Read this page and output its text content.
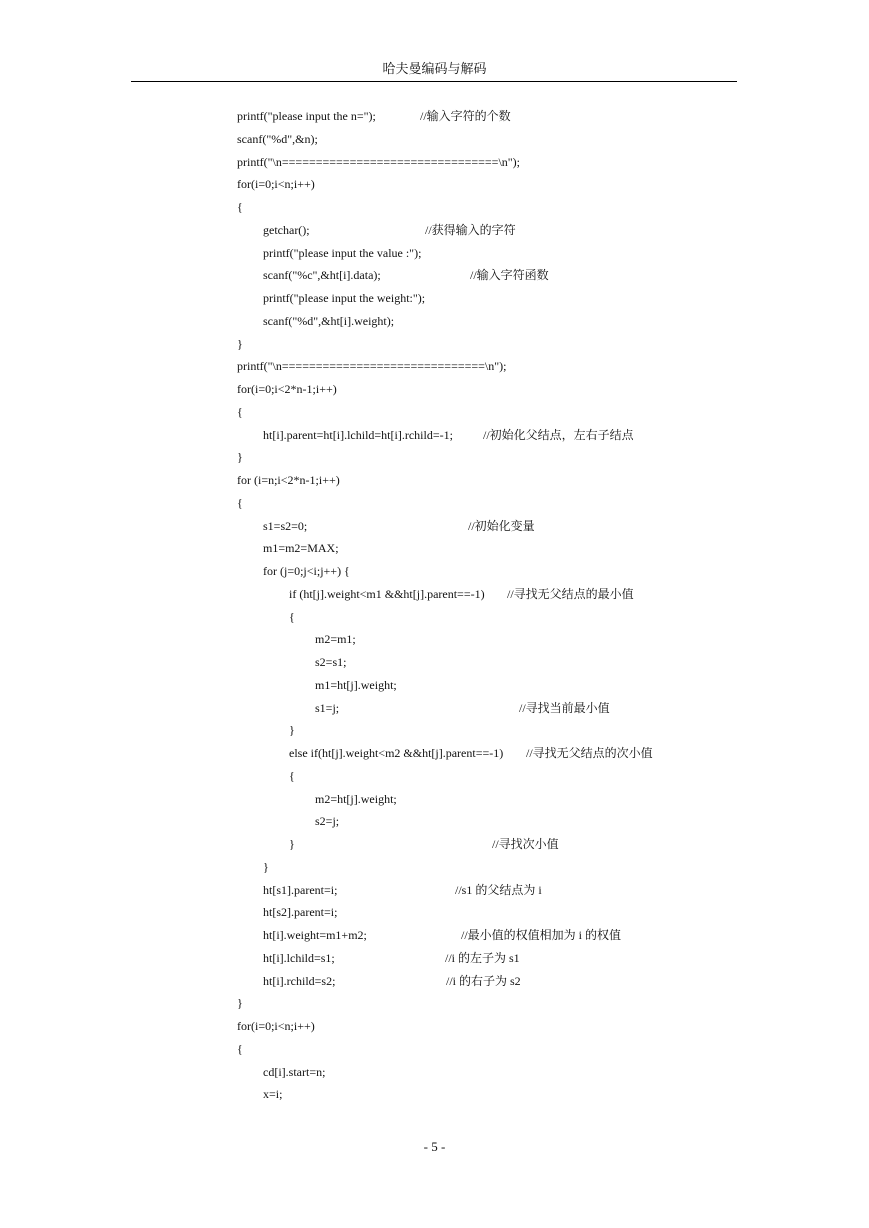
哈夫曼编码与解码
printf("please input the n=");	//输入字符的个数
scanf("%d",&n);
printf("\n================================\n");
for(i=0;i<n;i++)
{
getchar();	//获得输入的字符
printf("please input the value :");
scanf("%c",&ht[i].data);	//输入字符函数
printf("please input the weight:");
scanf("%d",&ht[i].weight);
}
printf("\n==============================\n");
for(i=0;i<2*n-1;i++)
{
ht[i].parent=ht[i].lchild=ht[i].rchild=-1;	//初始化父结点，左右子结点
}
for (i=n;i<2*n-1;i++)
{
s1=s2=0;	//初始化变量
m1=m2=MAX;
for (j=0;j<i;j++) {
if (ht[j].weight<m1 &&ht[j].parent==-1) //寻找无父结点的最小值
{
m2=m1;
s2=s1;
m1=ht[j].weight;
s1=j;	//寻找当前最小值
}
else if(ht[j].weight<m2 &&ht[j].parent==-1) //寻找无父结点的次小值
{
m2=ht[j].weight;
s2=j;
}	//寻找次小值
}
ht[s1].parent=i;	//s1 的父结点为 i
ht[s2].parent=i;
ht[i].weight=m1+m2;	//最小值的权值相加为 i 的权值
ht[i].lchild=s1;	//i 的左子为 s1
ht[i].rchild=s2;	//i 的右子为 s2
}
for(i=0;i<n;i++)
{
cd[i].start=n;
x=i;
- 5 -
